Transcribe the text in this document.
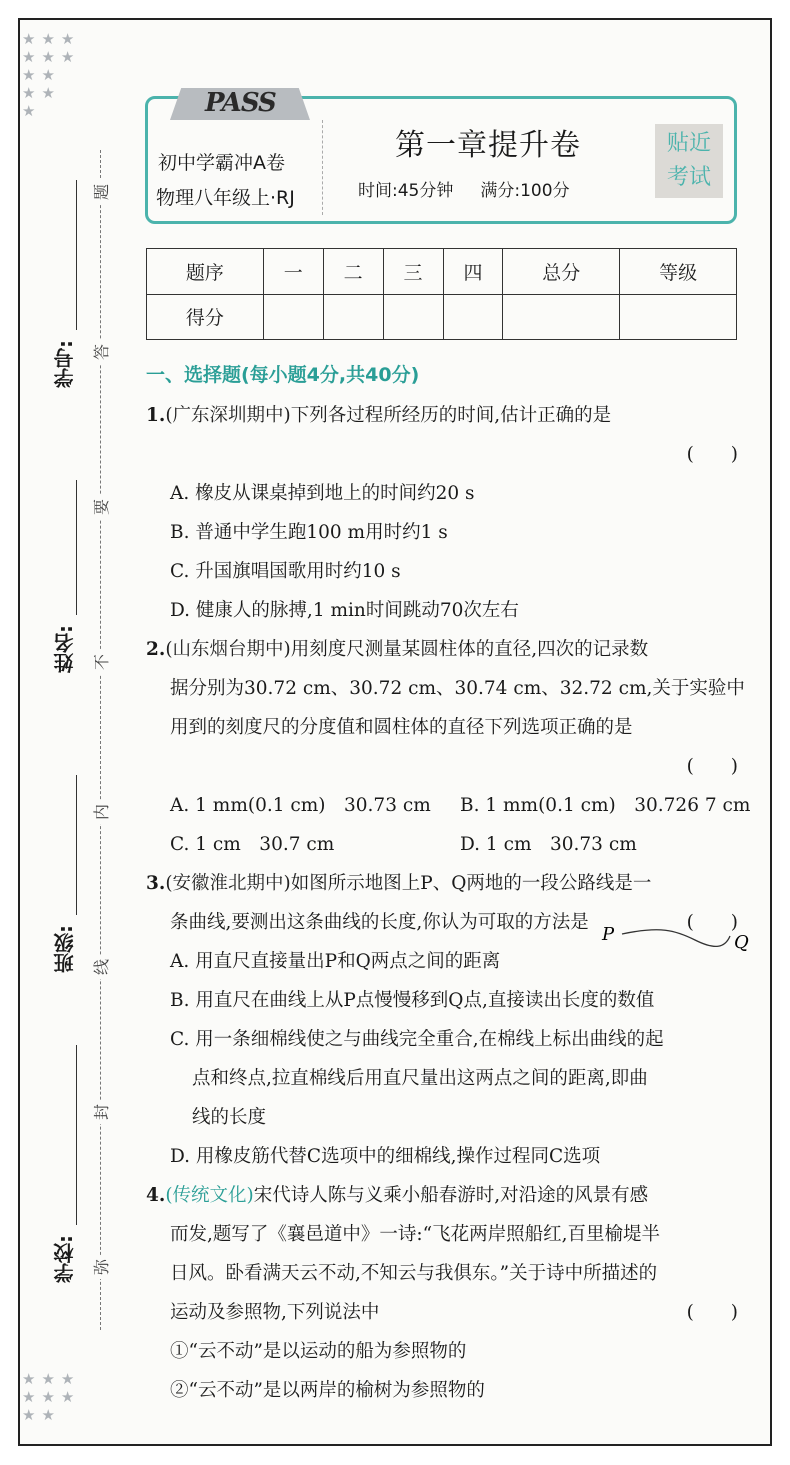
★★★
★★★
★★
★★
★
★★★
★★★
★★
学号:
姓名:
班级:
学校:
题
答
要
不
内
线
封
弥
PASS
初中学霸冲A卷
物理八年级上·RJ
第一章提升卷
时间:45分钟 满分:100分
贴近
考试
题序	一	二	三	四	总分	等级
得分						
一、选择题(每小题4分,共40分)
1.(广东深圳期中)下列各过程所经历的时间,估计正确的是
(　　)
A. 橡皮从课桌掉到地上的时间约20 s
B. 普通中学生跑100 m用时约1 s
C. 升国旗唱国歌用时约10 s
D. 健康人的脉搏,1 min时间跳动70次左右
2.(山东烟台期中)用刻度尺测量某圆柱体的直径,四次的记录数
据分别为30.72 cm、30.72 cm、30.74 cm、32.72 cm,关于实验中
用到的刻度尺的分度值和圆柱体的直径下列选项正确的是
(　　)
A. 1 mm(0.1 cm)　30.73 cm B. 1 mm(0.1 cm)　30.726 7 cm
C. 1 cm　30.7 cm	D. 1 cm　30.73 cm
3.(安徽淮北期中)如图所示地图上P、Q两地的一段公路线是一
条曲线,要测出这条曲线的长度,你认为可取的方法是	(　　)
A. 用直尺直接量出P和Q两点之间的距离
B. 用直尺在曲线上从P点慢慢移到Q点,直接读出长度的数值
C. 用一条细棉线使之与曲线完全重合,在棉线上标出曲线的起
点和终点,拉直棉线后用直尺量出这两点之间的距离,即曲
线的长度
D. 用橡皮筋代替C选项中的细棉线,操作过程同C选项
4.(传统文化)宋代诗人陈与义乘小船春游时,对沿途的风景有感
而发,题写了《襄邑道中》一诗:“飞花两岸照船红,百里榆堤半
日风。卧看满天云不动,不知云与我俱东。”关于诗中所描述的
运动及参照物,下列说法中	(　　)
①“云不动”是以运动的船为参照物的
②“云不动”是以两岸的榆树为参照物的
P	Q
